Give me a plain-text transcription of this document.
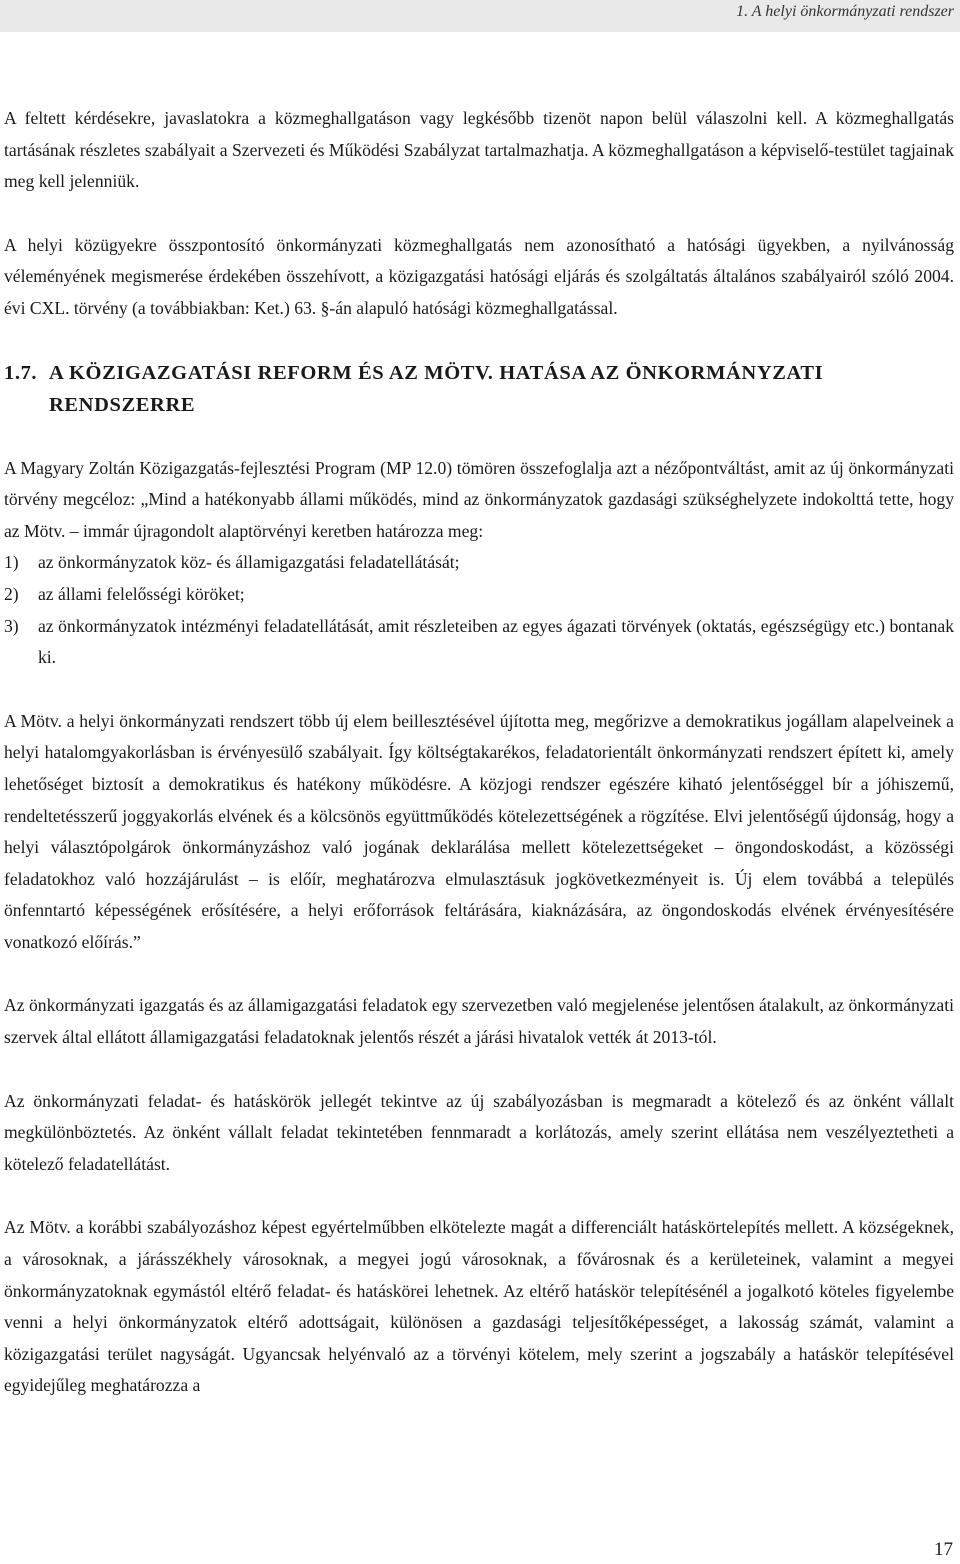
1. A helyi önkormányzati rendszer

A feltett kérdésekre, javaslatokra a közmeghallgatáson vagy legkésőbb tizenöt napon belül válaszolni kell. A közmeghallgatás tartásának részletes szabályait a Szervezeti és Működési Szabályzat tartalmazhatja. A közmeghallgatáson a képviselő-testület tagjainak meg kell jelenniük.

A helyi közügyekre összpontosító önkormányzati közmeghallgatás nem azonosítható a hatósági ügyekben, a nyilvánosság véleményének megismerése érdekében összehívott, a közigazgatási hatósági eljárás és szolgáltatás általános szabályairól szóló 2004. évi CXL. törvény (a továbbiakban: Ket.) 63. §-án alapuló hatósági közmeghallgatással.

1.7. A KÖZIGAZGATÁSI REFORM ÉS AZ MÖTV. HATÁSA AZ ÖNKORMÁNYZATI RENDSZERRE

A Magyary Zoltán Közigazgatás-fejlesztési Program (MP 12.0) tömören összefoglalja azt a nézőpontváltást, amit az új önkormányzati törvény megcéloz: „Mind a hatékonyabb állami működés, mind az önkormányzatok gazdasági szükséghelyzete indokolttá tette, hogy az Mötv. – immár újragondolt alaptörvényi keretben határozza meg:

1) az önkormányzatok köz- és államigazgatási feladatellátását;
2) az állami felelősségi köröket;
3) az önkormányzatok intézményi feladatellátását, amit részleteiben az egyes ágazati törvények (oktatás, egészségügy etc.) bontanak ki.

A Mötv. a helyi önkormányzati rendszert több új elem beillesztésével újította meg, megőrizve a demokratikus jogállam alapelveinek a helyi hatalomgyakorlásban is érvényesülő szabályait. Így költségtakarékos, feladatorientált önkormányzati rendszert épített ki, amely lehetőséget biztosít a demokratikus és hatékony működésre. A közjogi rendszer egészére kiható jelentőséggel bír a jóhiszemű, rendeltetésszerű joggyakorlás elvének és a kölcsönös együttműködés kötelezettségének a rögzítése. Elvi jelentőségű újdonság, hogy a helyi választópolgárok önkormányzáshoz való jogának deklarálása mellett kötelezettségeket – öngondoskodást, a közösségi feladatokhoz való hozzájárulást – is előír, meghatározva elmulasztásuk jogkövetkezményeit is. Új elem továbbá a település önfenntartó képességének erősítésére, a helyi erőforrások feltárására, kiaknázására, az öngondoskodás elvének érvényesítésére vonatkozó előírás.”

Az önkormányzati igazgatás és az államigazgatási feladatok egy szervezetben való megjelenése jelentősen átalakult, az önkormányzati szervek által ellátott államigazgatási feladatoknak jelentős részét a járási hivatalok vették át 2013-tól.

Az önkormányzati feladat- és hatáskörök jellegét tekintve az új szabályozásban is megmaradt a kötelező és az önként vállalt megkülönböztetés. Az önként vállalt feladat tekintetében fennmaradt a korlátozás, amely szerint ellátása nem veszélyeztetheti a kötelező feladatellátást.

Az Mötv. a korábbi szabályozáshoz képest egyértelműbben elkötelezte magát a differenciált hatáskörtelepítés mellett. A községeknek, a városoknak, a járásszékhely városoknak, a megyei jogú városoknak, a fővárosnak és a kerületeinek, valamint a megyei önkormányzatoknak egymástól eltérő feladat- és hatáskörei lehetnek. Az eltérő hatáskör telepítésénél a jogalkotó köteles figyelembe venni a helyi önkormányzatok eltérő adottságait, különösen a gazdasági teljesítőképességet, a lakosság számát, valamint a közigazgatási terület nagyságát. Ugyancsak helyénvaló az a törvényi kötelem, mely szerint a jogszabály a hatáskör telepítésével egyidejűleg meghatározza a

17
